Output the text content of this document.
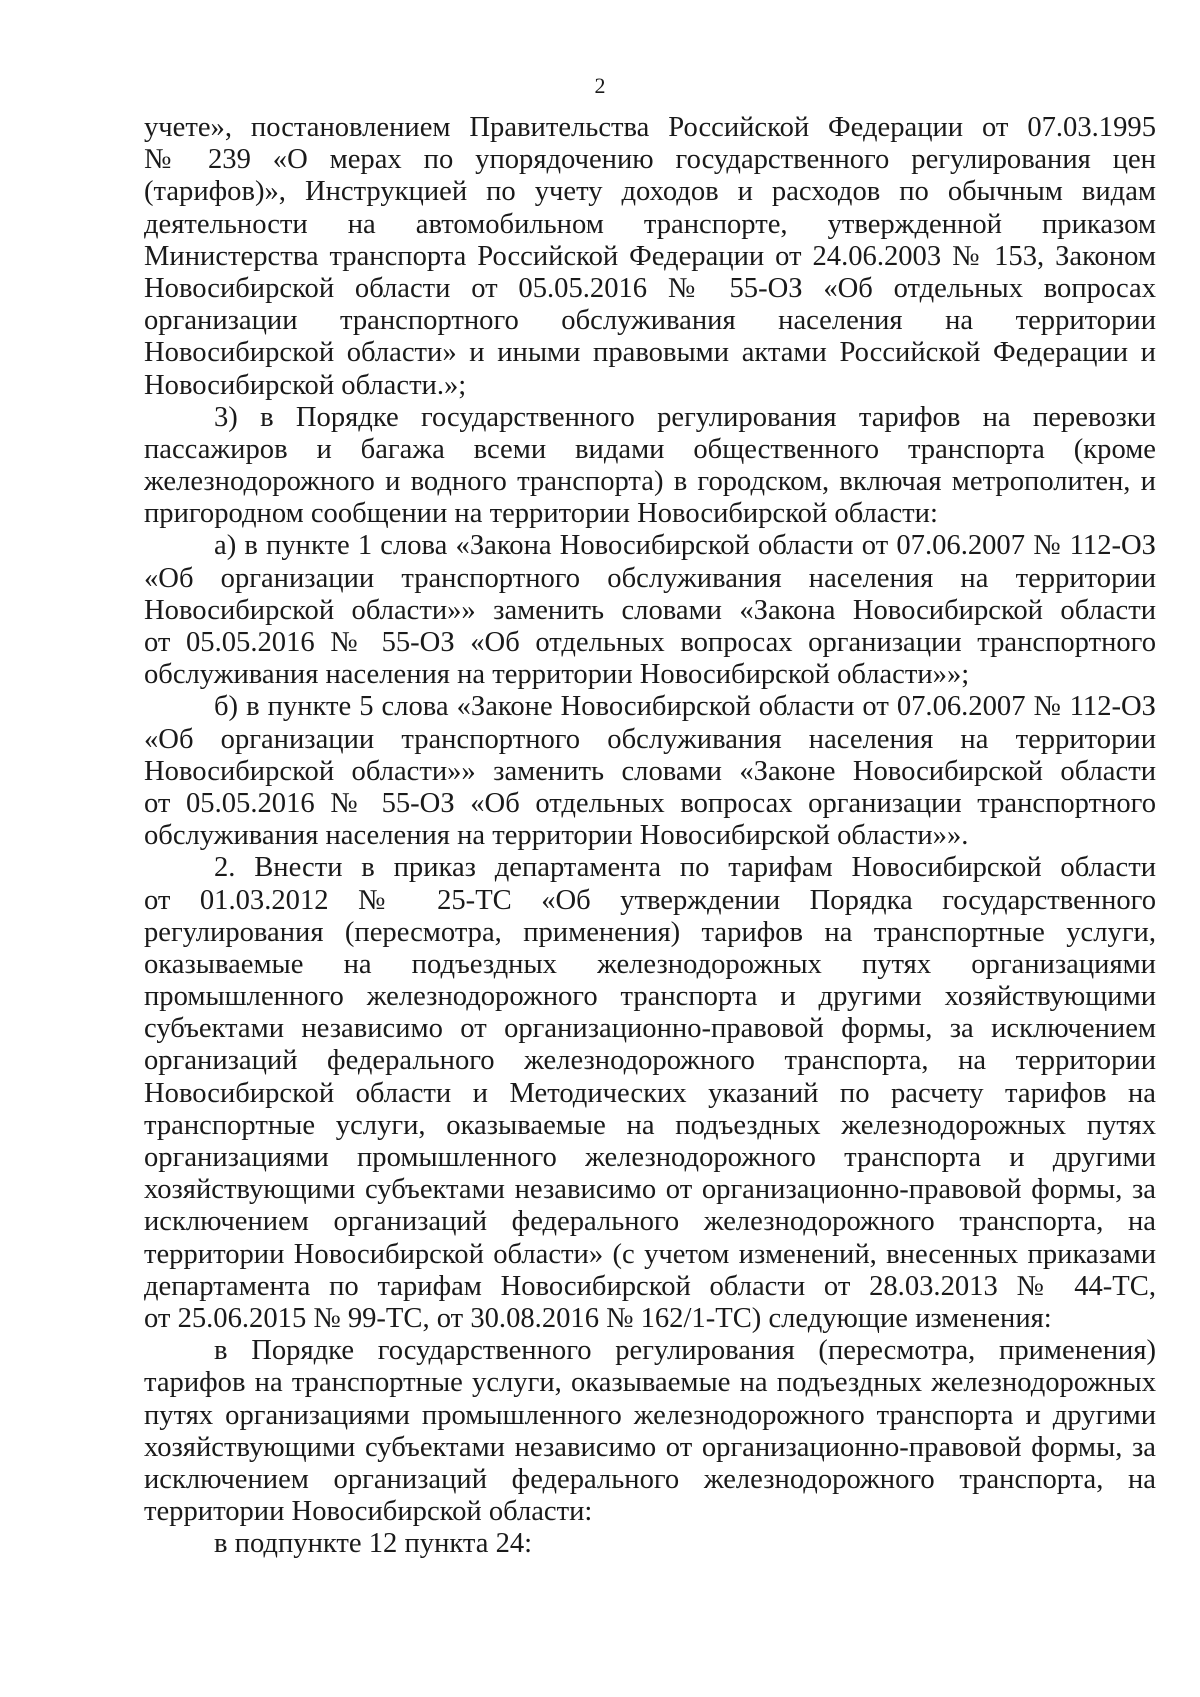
2
учете», постановлением Правительства Российской Федерации от 07.03.1995
№ 239 «О мерах по упорядочению государственного регулирования цен
(тарифов)», Инструкцией по учету доходов и расходов по обычным видам
деятельности на автомобильном транспорте, утвержденной приказом
Министерства транспорта Российской Федерации от 24.06.2003 № 153, Законом
Новосибирской области от 05.05.2016 № 55-ОЗ «Об отдельных вопросах
организации транспортного обслуживания населения на территории
Новосибирской области» и иными правовыми актами Российской Федерации и
Новосибирской области.»;
3) в Порядке государственного регулирования тарифов на перевозки
пассажиров и багажа всеми видами общественного транспорта (кроме
железнодорожного и водного транспорта) в городском, включая метрополитен, и
пригородном сообщении на территории Новосибирской области:
а) в пункте 1 слова «Закона Новосибирской области от 07.06.2007 № 112-ОЗ
«Об организации транспортного обслуживания населения на территории
Новосибирской области»» заменить словами «Закона Новосибирской области
от 05.05.2016 № 55-ОЗ «Об отдельных вопросах организации транспортного
обслуживания населения на территории Новосибирской области»»;
б) в пункте 5 слова «Законе Новосибирской области от 07.06.2007 № 112-ОЗ
«Об организации транспортного обслуживания населения на территории
Новосибирской области»» заменить словами «Законе Новосибирской области
от 05.05.2016 № 55-ОЗ «Об отдельных вопросах организации транспортного
обслуживания населения на территории Новосибирской области»».
2. Внести в приказ департамента по тарифам Новосибирской области
от 01.03.2012 № 25-ТС «Об утверждении Порядка государственного
регулирования (пересмотра, применения) тарифов на транспортные услуги,
оказываемые на подъездных железнодорожных путях организациями
промышленного железнодорожного транспорта и другими хозяйствующими
субъектами независимо от организационно-правовой формы, за исключением
организаций федерального железнодорожного транспорта, на территории
Новосибирской области и Методических указаний по расчету тарифов на
транспортные услуги, оказываемые на подъездных железнодорожных путях
организациями промышленного железнодорожного транспорта и другими
хозяйствующими субъектами независимо от организационно-правовой формы, за
исключением организаций федерального железнодорожного транспорта, на
территории Новосибирской области» (с учетом изменений, внесенных приказами
департамента по тарифам Новосибирской области от 28.03.2013 № 44-ТС,
от 25.06.2015 № 99-ТС, от 30.08.2016 № 162/1-ТС) следующие изменения:
в Порядке государственного регулирования (пересмотра, применения)
тарифов на транспортные услуги, оказываемые на подъездных железнодорожных
путях организациями промышленного железнодорожного транспорта и другими
хозяйствующими субъектами независимо от организационно-правовой формы, за
исключением организаций федерального железнодорожного транспорта, на
территории Новосибирской области:
в подпункте 12 пункта 24:
